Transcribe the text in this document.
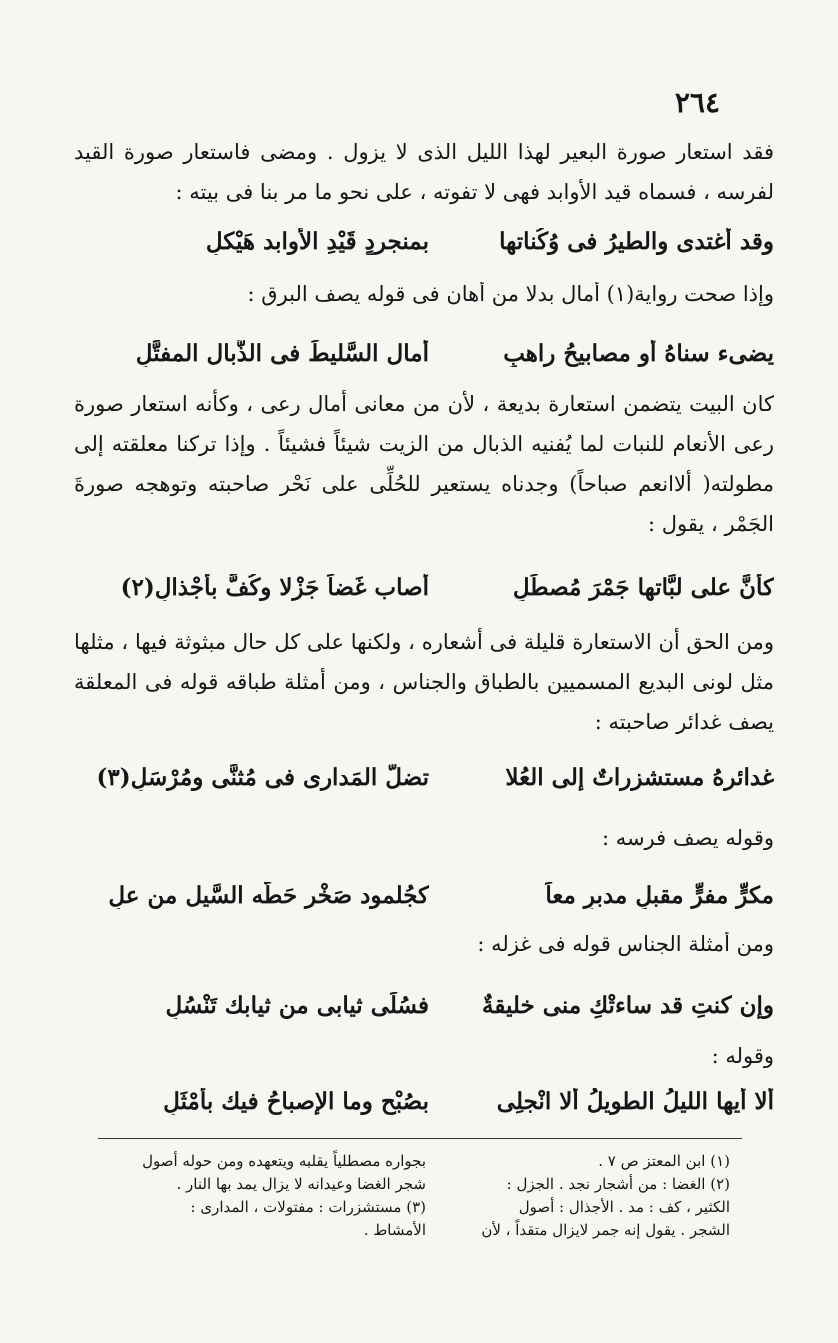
٢٦٤
فقد استعار صورة البعير لهذا الليل الذى لا يزول . ومضى فاستعار صورة القيد لفرسه ، فسماه قيد الأوابد فهى لا تفوته ، على نحو ما مر بنا فى بيته :
وقد أغتدى والطيرُ فى وُكُناتها
بمنجردٍ قَيْدِ الأوابد هَيْكلِ
وإذا صحت رواية(١) أمال بدلا من أهان فى قوله يصف البرق :
يضىء سناهُ أو مصابيحُ راهبٍ
أمال السَّليطَ فى الذُّبال المفتَّلِ
كان البيت يتضمن استعارة بديعة ، لأن من معانى أمال رعى ، وكأنه استعار صورة رعى الأنعام للنبات لما يُفنيه الذبال من الزيت شيئاً فشيئاً . وإذا تركنا معلقته إلى مطولته( ألاانعم صباحاً) وجدناه يستعير للحُلِّى على نَحْر صاحبته وتوهجه صورةَ الجَمْر ، يقول :
كأنَّ على لبَّاتها جَمْرَ مُصطَلٍ
أصاب غَضاً جَزْلا وكُفَّ بأَجْذالِ(٢)
ومن الحق أن الاستعارة قليلة فى أشعاره ، ولكنها على كل حال مبثوثة فيها ، مثلها مثل لونى البديع المسميين بالطباق والجناس ، ومن أمثلة طباقه قوله فى المعلقة يصف غدائر صاحبته :
غدائرهُ مستشزراتٌ إلى العُلا
تضلُّ المَدارى فى مُثنًّى ومُرْسَلِ(٣)
وقوله يصف فرسه :
مكرٍّ مفرٍّ مقبلٍ مدبرٍ معاً
كجُلمود صَخْر حَطَّه السَّيل من علِ
ومن أمثلة الجناس قوله فى غزله :
وإن كنتِ قد ساءتْكِ منى خليقةٌ
فسُلِّى ثيابى من ثيابك تَنْسُلِ
وقوله :
ألا أيها الليلُ الطويلُ ألا انْجلِى
بصُبْحٍ وما الإصباحُ فيك بأَمْثَلِ
(١) ابن المعتز ص ٧ .
(٢) الغضا : من أشجار نجد . الجزل :
الكثير ، كف : مد . الأجذال : أصول
الشجر . يقول إنه جمر لايزال متقداً ، لأن
بجواره مصطلياً يقلبه ويتعهده ومن حوله أصول
شجر الغضا وعيدانه لا يزال يمد بها النار .
(٣) مستشزرات : مفتولات ، المدارى :
الأمشاط .
